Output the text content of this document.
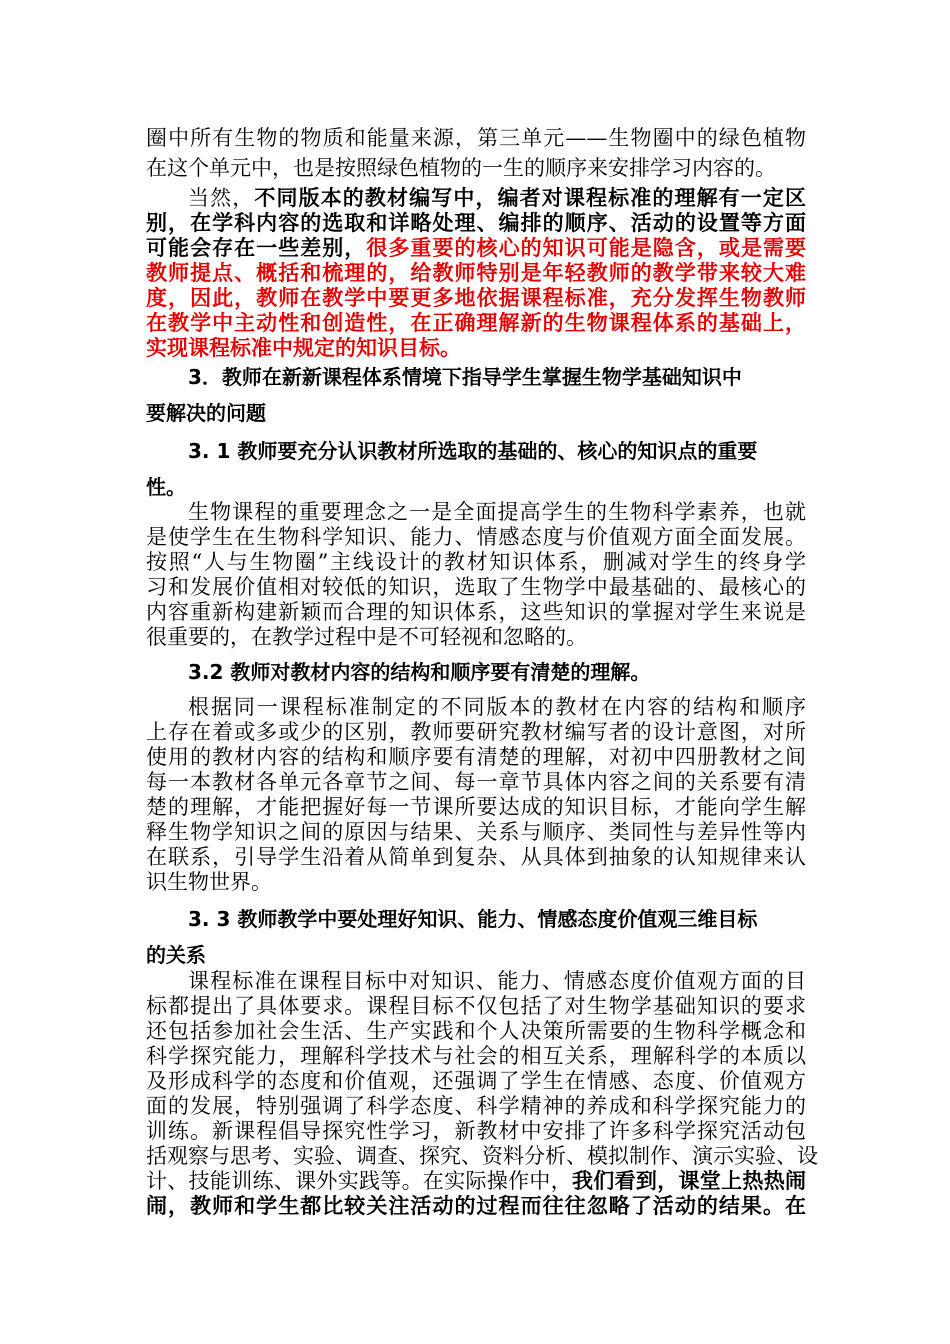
圈中所有生物的物质和能量来源，第三单元——生物圈中的绿色植物
在这个单元中，也是按照绿色植物的一生的顺序来安排学习内容的。
当然，不同版本的教材编写中，编者对课程标准的理解有一定区
别，在学科内容的选取和详略处理、编排的顺序、活动的设置等方面
可能会存在一些差别，很多重要的核心的知识可能是隐含，或是需要
教师提点、概括和梳理的，给教师特别是年轻教师的教学带来较大难
度，因此，教师在教学中要更多地依据课程标准，充分发挥生物教师
在教学中主动性和创造性，在正确理解新的生物课程体系的基础上，
实现课程标准中规定的知识目标。
3．教师在新新课程体系情境下指导学生掌握生物学基础知识中
要解决的问题
3. 1 教师要充分认识教材所选取的基础的、核心的知识点的重要
性。
生物课程的重要理念之一是全面提高学生的生物科学素养，也就
是使学生在生物科学知识、能力、情感态度与价值观方面全面发展。
按照“人与生物圈”主线设计的教材知识体系，删减对学生的终身学
习和发展价值相对较低的知识，选取了生物学中最基础的、最核心的
内容重新构建新颖而合理的知识体系，这些知识的掌握对学生来说是
很重要的，在教学过程中是不可轻视和忽略的。
3.2 教师对教材内容的结构和顺序要有清楚的理解。
根据同一课程标准制定的不同版本的教材在内容的结构和顺序
上存在着或多或少的区别，教师要研究教材编写者的设计意图，对所
使用的教材内容的结构和顺序要有清楚的理解，对初中四册教材之间
每一本教材各单元各章节之间、每一章节具体内容之间的关系要有清
楚的理解，才能把握好每一节课所要达成的知识目标，才能向学生解
释生物学知识之间的原因与结果、关系与顺序、类同性与差异性等内
在联系，引导学生沿着从简单到复杂、从具体到抽象的认知规律来认
识生物世界。
3. 3 教师教学中要处理好知识、能力、情感态度价值观三维目标
的关系
课程标准在课程目标中对知识、能力、情感态度价值观方面的目
标都提出了具体要求。课程目标不仅包括了对生物学基础知识的要求
还包括参加社会生活、生产实践和个人决策所需要的生物科学概念和
科学探究能力，理解科学技术与社会的相互关系，理解科学的本质以
及形成科学的态度和价值观，还强调了学生在情感、态度、价值观方
面的发展，特别强调了科学态度、科学精神的养成和科学探究能力的
训练。新课程倡导探究性学习，新教材中安排了许多科学探究活动包
括观察与思考、实验、调查、探究、资料分析、模拟制作、演示实验、设
计、技能训练、课外实践等。在实际操作中，我们看到，课堂上热热闹
闹，教师和学生都比较关注活动的过程而往往忽略了活动的结果。在
